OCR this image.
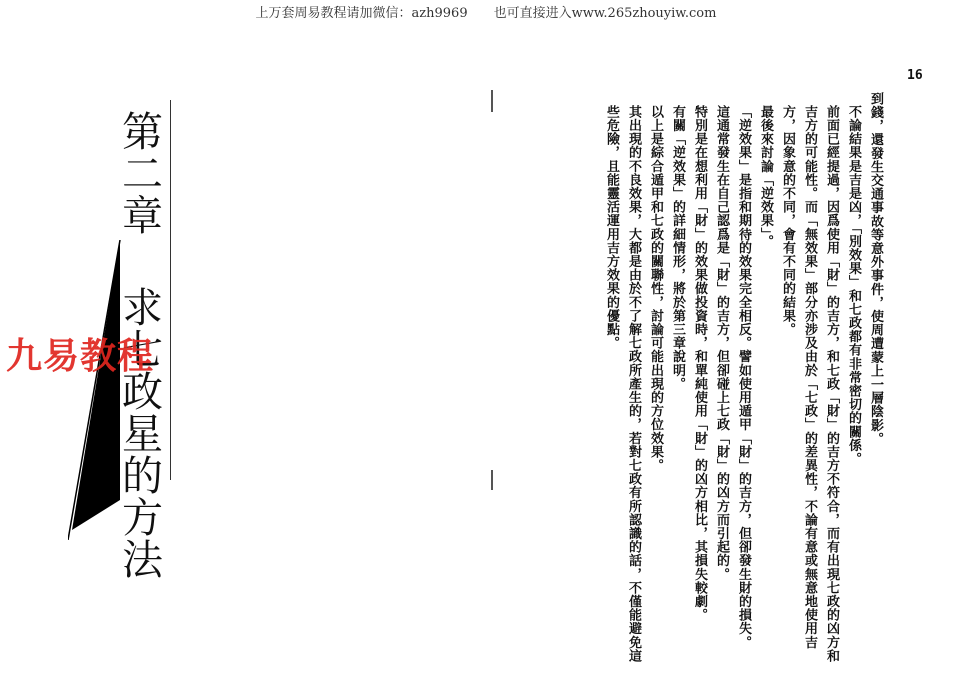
上万套周易教程请加微信：azh9969　　也可直接进入www.265zhouyiw.com
16
第二章求七政星的方法
九易教程	到錢，還發生交通事故等意外事件，使周遭蒙上一層陰影。

不論結果是吉是凶，「別效果」和七政都有非常密切的關係。

前面已經提過，因爲使用「財」的吉方，和七政「財」的吉方不符合，而有出現七政的凶方和吉方的可能性。而「無效果」部分亦涉及由於「七政」的差異性，不論有意或無意地使用吉方，因象意的不同，會有不同的結果。

最後來討論「逆效果」。

「逆效果」是指和期待的效果完全相反。譬如使用遁甲「財」的吉方，但卻發生財的損失。

這通常發生在自己認爲是「財」的吉方，但卻碰上七政「財」的凶方而引起的。

特別是在想利用「財」的效果做投資時，和單純使用「財」的凶方相比，其損失較劇。

有關「逆效果」的詳細情形，將於第三章說明。

以上是綜合遁甲和七政的關聯性，討論可能出現的方位效果。

其出現的不良效果，大都是由於不了解七政所產生的，若對七政有所認識的話，不僅能避免這些危險，且能靈活運用吉方效果的優點。
